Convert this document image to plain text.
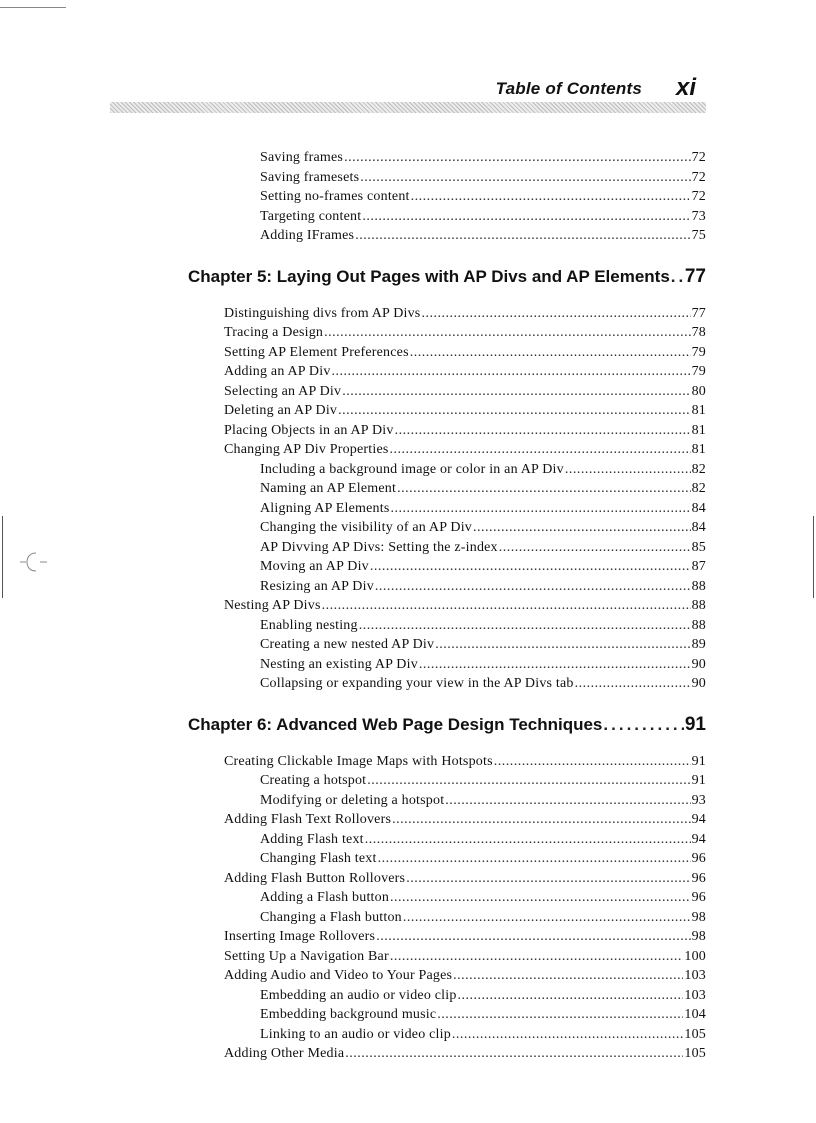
Table of Contents xi
Saving frames .....	72
Saving framesets .....	72
Setting no-frames content .....	72
Targeting content .....	73
Adding IFrames .....	75
Chapter 5: Laying Out Pages with AP Divs and AP Elements ..... 77
Distinguishing divs from AP Divs .....	77
Tracing a Design .....	78
Setting AP Element Preferences .....	79
Adding an AP Div .....	79
Selecting an AP Div .....	80
Deleting an AP Div .....	81
Placing Objects in an AP Div .....	81
Changing AP Div Properties .....	81
Including a background image or color in an AP Div .....	82
Naming an AP Element .....	82
Aligning AP Elements .....	84
Changing the visibility of an AP Div .....	84
AP Divving AP Divs: Setting the z-index .....	85
Moving an AP Div .....	87
Resizing an AP Div .....	88
Nesting AP Divs .....	88
Enabling nesting .....	88
Creating a new nested AP Div .....	89
Nesting an existing AP Div .....	90
Collapsing or expanding your view in the AP Divs tab .....	90
Chapter 6: Advanced Web Page Design Techniques .....	91
Creating Clickable Image Maps with Hotspots .....	91
Creating a hotspot .....	91
Modifying or deleting a hotspot .....	93
Adding Flash Text Rollovers .....	94
Adding Flash text .....	94
Changing Flash text .....	96
Adding Flash Button Rollovers .....	96
Adding a Flash button .....	96
Changing a Flash button .....	98
Inserting Image Rollovers .....	98
Setting Up a Navigation Bar .....	100
Adding Audio and Video to Your Pages .....	103
Embedding an audio or video clip .....	103
Embedding background music .....	104
Linking to an audio or video clip .....	105
Adding Other Media .....	105
